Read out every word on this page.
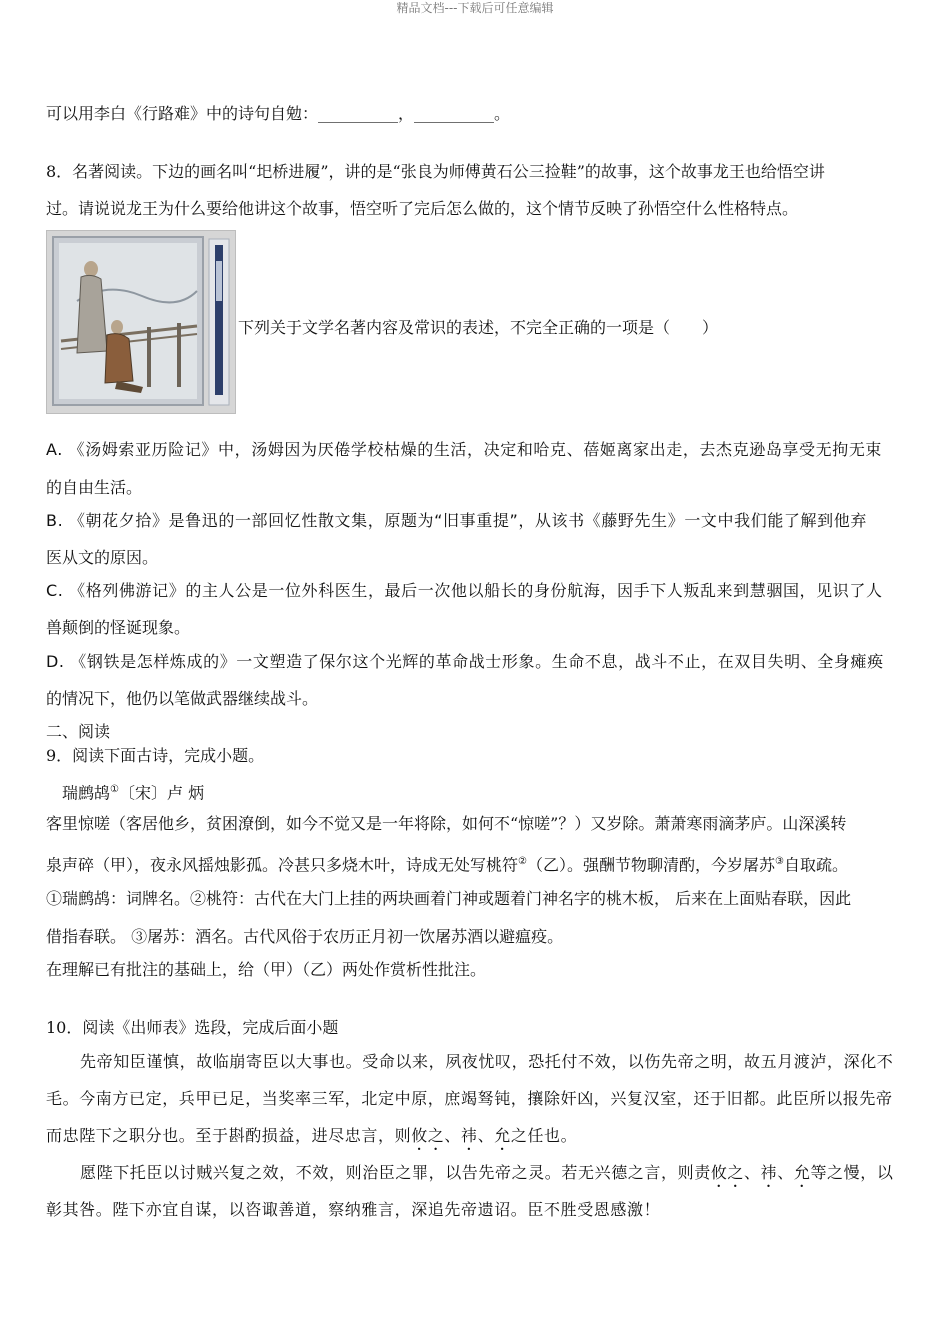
精品文档---下载后可任意编辑
可以用李白《行路难》中的诗句自勉：__________，__________。
8．名著阅读。下边的画名叫“圯桥进履”，讲的是“张良为师傅黄石公三捡鞋”的故事，这个故事龙王也给悟空讲
过。请说说龙王为什么要给他讲这个故事，悟空听了完后怎么做的，这个情节反映了孙悟空什么性格特点。
下列关于文学名著内容及常识的表述，不完全正确的一项是（　　）
A. 《汤姆索亚历险记》中，汤姆因为厌倦学校枯燥的生活，决定和哈克、蓓姬离家出走，去杰克逊岛享受无拘无束
的自由生活。
B. 《朝花夕拾》是鲁迅的一部回忆性散文集，原题为“旧事重提”，从该书《藤野先生》一文中我们能了解到他弃
医从文的原因。
C. 《格列佛游记》的主人公是一位外科医生，最后一次他以船长的身份航海，因手下人叛乱来到慧骃国，见识了人
兽颠倒的怪诞现象。
D. 《钢铁是怎样炼成的》一文塑造了保尔这个光辉的革命战士形象。生命不息，战斗不止，在双目失明、全身瘫痪
的情况下，他仍以笔做武器继续战斗。
二、阅读
9．阅读下面古诗，完成小题。
瑞鹧鸪①〔宋〕卢 炳
客里惊嗟（客居他乡，贫困潦倒，如今不觉又是一年将除，如何不“惊嗟”？）又岁除。萧萧寒雨滴茅庐。山深溪转
泉声碎（甲），夜永风摇烛影孤。冷甚只多烧木叶，诗成无处写桃符②（乙）。强酬节物聊清酌，今岁屠苏③自取疏。
①瑞鹧鸪：词牌名。②桃符：古代在大门上挂的两块画着门神或题着门神名字的桃木板， 后来在上面贴春联，因此
借指春联。 ③屠苏：酒名。古代风俗于农历正月初一饮屠苏酒以避瘟疫。
在理解已有批注的基础上，给（甲）（乙）两处作赏析性批注。
10．阅读《出师表》选段，完成后面小题
先帝知臣谨慎，故临崩寄臣以大事也。受命以来，夙夜忧叹，恐托付不效，以伤先帝之明，故五月渡泸，深化不
毛。今南方已定，兵甲已足，当奖率三军，北定中原，庶竭驽钝，攘除奸凶，兴复汉室，还于旧都。此臣所以报先帝
而忠陛下之职分也。至于斟酌损益，进尽忠言，则攸之、祎、允之任也。
愿陛下托臣以讨贼兴复之效，不效，则治臣之罪，以告先帝之灵。若无兴德之言，则责攸之、祎、允等之慢，以
彰其咎。陛下亦宜自谋，以咨诹善道，察纳雅言，深追先帝遗诏。臣不胜受恩感激！
